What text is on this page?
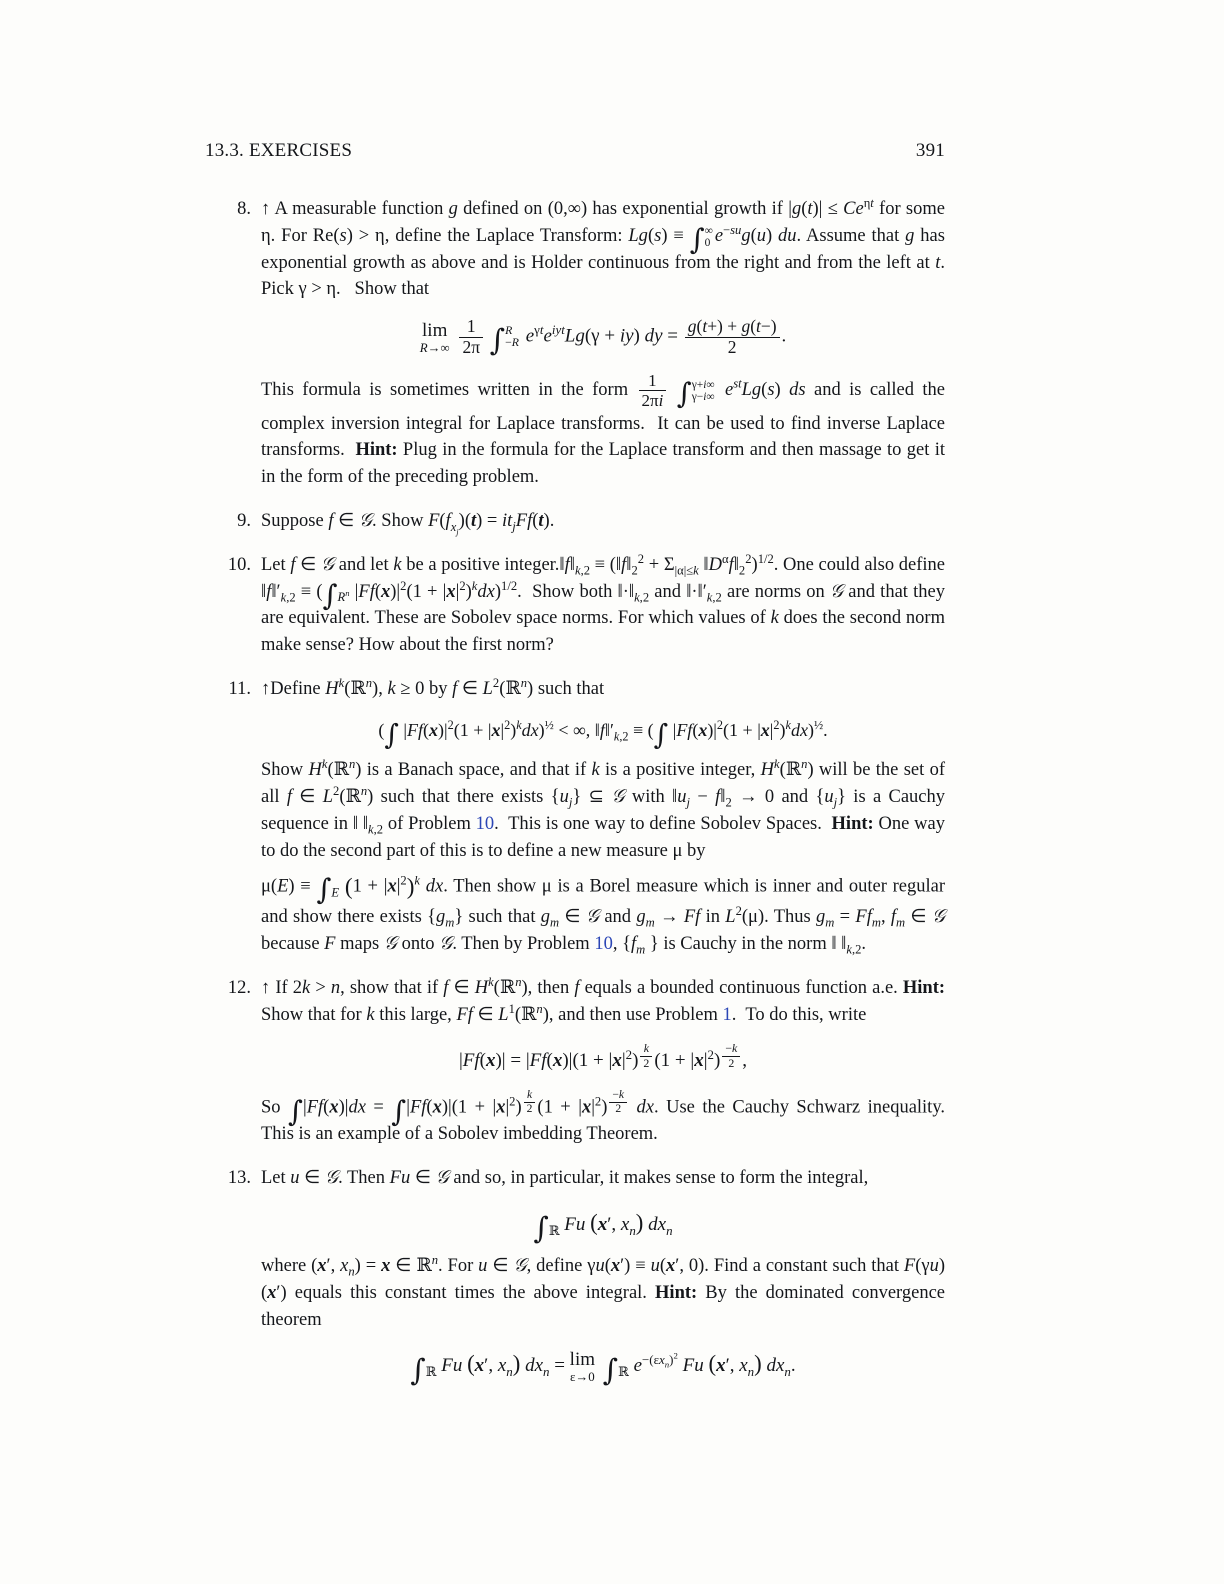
13.3. EXERCISES	391
8. ↑ A measurable function g defined on (0,∞) has exponential growth if $|g(t)| \le Ce^{\eta t}$ for some η. For Re(s) > η, define the Laplace Transform: Lg(s) ≡ ∫ ∞
0 $e^{-su}g(u)$ du. Assume that g has exponential growth as above and is Holder continuous from the right and from the left at t. Pick γ > η.   Show that

lim
R→∞
$\frac{1}{2\pi}$ ∫ R
−R $e^{\gamma t}e^{iyt}Lg(\gamma + iy)$ dy = $\frac{g(t+) + g(t-)}{2}$ .

This formula is sometimes written in the form $\frac{1}{2\pi i}$ ∫ γ+i∞
γ−i∞ $e^{st}Lg(s)$ ds and is called the complex inversion integral for Laplace transforms.  It can be used to find inverse Laplace transforms.  Hint: Plug in the formula for the Laplace transform and then massage to get it in the form of the preceding problem.

9. Suppose f ∈ 𝒢. Show $F(f_{x_j})(t) = it_jFf(t)$.

10. Let f ∈ 𝒢 and let k be a positive $integer.‖f‖_{k,2}$ ≡ ($‖f‖_2^2 + \Sigma_{|\alpha|\le k}$ $‖D^\alpha f‖_2^2)^{1/2}$. One could also define $‖f‖'_{k,2} \equiv (\int_{R^n}$ $|Ff(x)|^2(1 + |x|^2)^kdx)^{1/2}$.  Show both $‖\cdot‖_{k,2}$ and $‖\cdot‖'_{k,2}$ are norms on 𝒢 and that they are equivalent. These are Sobolev space norms. For which values of k does the second norm make sense? How about the first norm?

11. ↑Define $H^k(ℝ^n)$, k ≥ 0 by f ∈ $L^2(ℝ^n)$ such that

(∫ $|Ff(x)|^2(1 + |x|^2)^kdx)^{\frac{1}{2}}$ < ∞, $‖f‖'_{k,2}$ ≡ (∫ $|Ff(x)|^2(1 + |x|^2)^kdx)^{\frac{1}{2}}$.

Show $H^k(ℝ^n)$ is a Banach space, and that if k is a positive integer, $H^k(ℝ^n)$ will be the set of all f ∈ $L^2(ℝ^n)$ such that there exists $\{u_j\}$ ⊆ 𝒢 with $‖u_j$ − $f‖_2 \to 0$ and $\{u_j\}$ is a Cauchy sequence in ‖ $‖_{k,2}$ of Problem 10.  This is one way to define Sobolev Spaces.  Hint: One way to do the second part of this is to define a new measure μ by

$\mu(E) \equiv \int_E$ $(1 + |x|^2)^k$ dx. Then show μ is a Borel measure which is inner and outer regular and show there exists $\{g_m\}$ such that $g_m$ ∈ 𝒢 and $g_m \to Ff$ in $L^2(\mu)$. Thus $g_m = Ff_m$, $f_m$ ∈ 𝒢 because F maps 𝒢 onto 𝒢. Then by Problem 10, {$f_m$ } is Cauchy in the norm ‖ $‖_{k,2}$.

12. ↑ If 2k > n, show that if f ∈ $H^k(ℝ^n)$, then f equals a bounded continuous function a.e. Hint: Show that for k this large, Ff ∈ $L^1(ℝ^n)$, and then use Problem 1.  To do this, write

$|Ff(x)| = |Ff(x)|(1 + |x|^2)$ $^{\frac{k}{2}}$ $(1 + |x|^2)$ $^{\frac{-k}{2}}$ ,

So $\int|Ff(x)|dx = \int|Ff(x)|(1 + |x|^2)$ $^{\frac{k}{2}}$ $(1 + |x|^2)$ $^{\frac{-k}{2}}$ dx. Use the Cauchy Schwarz inequality. This is an example of a Sobolev imbedding Theorem.

13. Let u ∈ 𝒢. Then Fu ∈ 𝒢 and so, in particular, it makes sense to form the integral,

$\int_ℝ$ Fu (x′, $x_n$) $dx_n$

where (x′, $x_n) = x$ ∈ ℝ$^n$. For u ∈ 𝒢, define γu(x′) ≡ u(x′, 0). Find a constant such that F(γu)(x′) equals this constant times the above integral. Hint: By the dominated convergence theorem

$\int_ℝ$ Fu (x′, $x_n$) $dx_n = \lim$
ε→0 $\int_ℝ$ $e^{-(\varepsilon x_n)^2}$ Fu (x′, $x_n$) $dx_n$.
